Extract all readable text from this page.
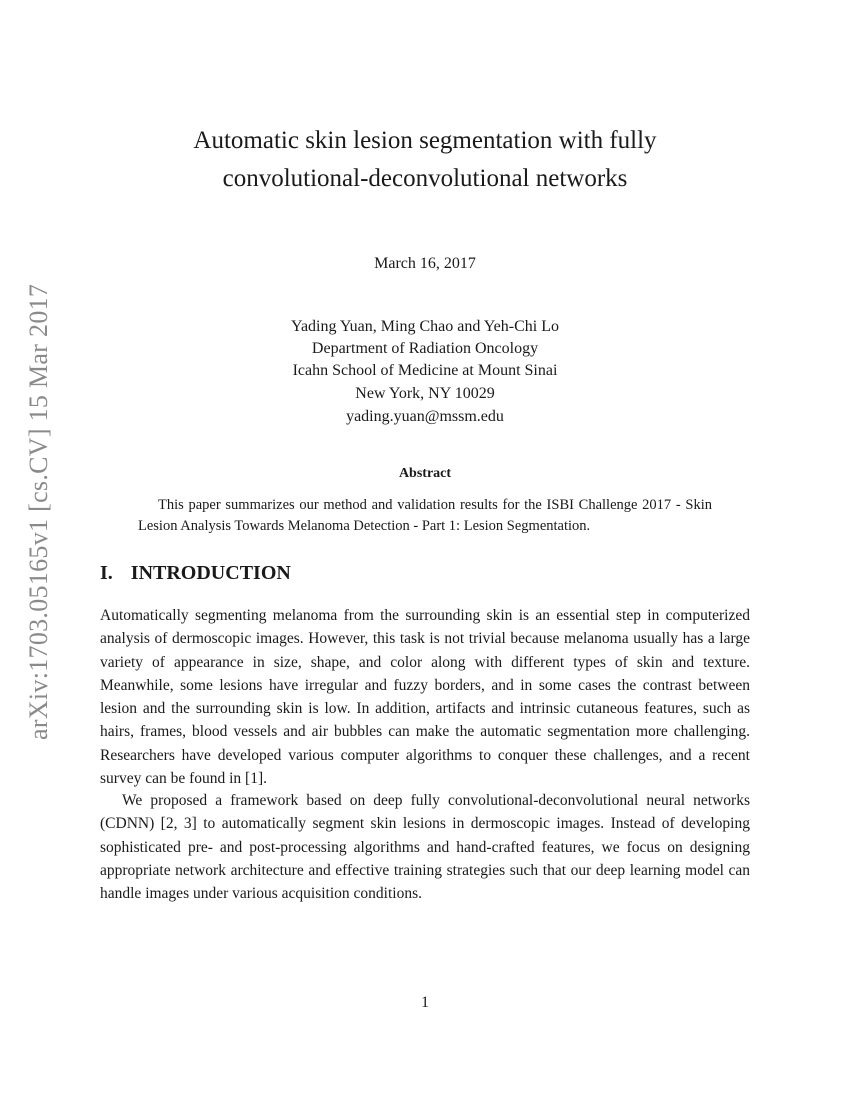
arXiv:1703.05165v1 [cs.CV] 15 Mar 2017
Automatic skin lesion segmentation with fully
convolutional-deconvolutional networks
March 16, 2017
Yading Yuan, Ming Chao and Yeh-Chi Lo
Department of Radiation Oncology
Icahn School of Medicine at Mount Sinai
New York, NY 10029
yading.yuan@mssm.edu
Abstract
This paper summarizes our method and validation results for the ISBI Challenge 2017 - Skin Lesion Analysis Towards Melanoma Detection - Part 1: Lesion Segmentation.
I. INTRODUCTION

Automatically segmenting melanoma from the surrounding skin is an essential step in computerized analysis of dermoscopic images. However, this task is not trivial because melanoma usually has a large variety of appearance in size, shape, and color along with different types of skin and texture. Meanwhile, some lesions have irregular and fuzzy borders, and in some cases the contrast between lesion and the surrounding skin is low. In addition, artifacts and intrinsic cutaneous features, such as hairs, frames, blood vessels and air bubbles can make the automatic segmentation more challenging. Researchers have developed various computer algorithms to conquer these challenges, and a recent survey can be found in [1].

We proposed a framework based on deep fully convolutional-deconvolutional neural networks (CDNN) [2, 3] to automatically segment skin lesions in dermoscopic images. Instead of developing sophisticated pre- and post-processing algorithms and hand-crafted features, we focus on designing appropriate network architecture and effective training strategies such that our deep learning model can handle images under various acquisition conditions.

1
